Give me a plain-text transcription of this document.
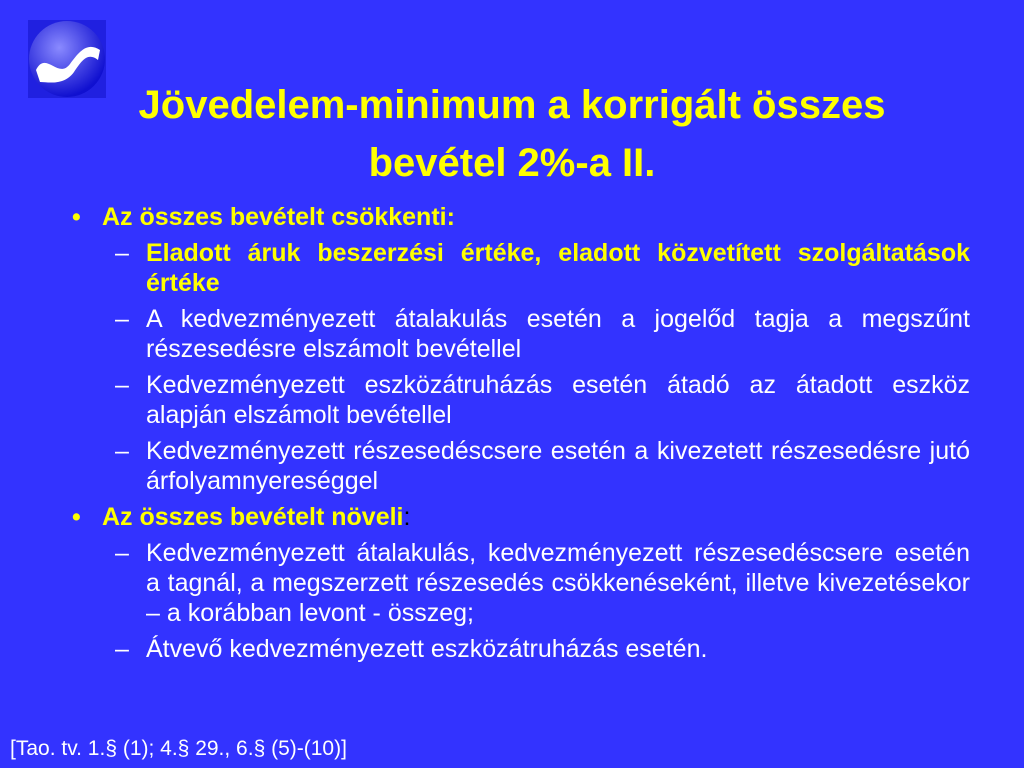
Jövedelem-minimum a korrigált összes
bevétel 2%-a II.
• Az összes bevételt csökkenti:
– Eladott áruk beszerzési értéke, eladott közvetített szolgáltatások értéke
– A kedvezményezett átalakulás esetén a jogelőd tagja a megszűnt részesedésre elszámolt bevétellel
– Kedvezményezett eszközátruházás esetén átadó az átadott eszköz alapján elszámolt bevétellel
– Kedvezményezett részesedéscsere esetén a kivezetett részesedésre jutó árfolyamnyereséggel
• Az összes bevételt növeli:
– Kedvezményezett átalakulás, kedvezményezett részesedéscsere esetén a tagnál, a megszerzett részesedés csökkenéseként, illetve kivezetésekor – a korábban levont - összeg;
– Átvevő kedvezményezett eszközátruházás esetén.
[Tao. tv. 1.§ (1); 4.§ 29., 6.§ (5)-(10)]
